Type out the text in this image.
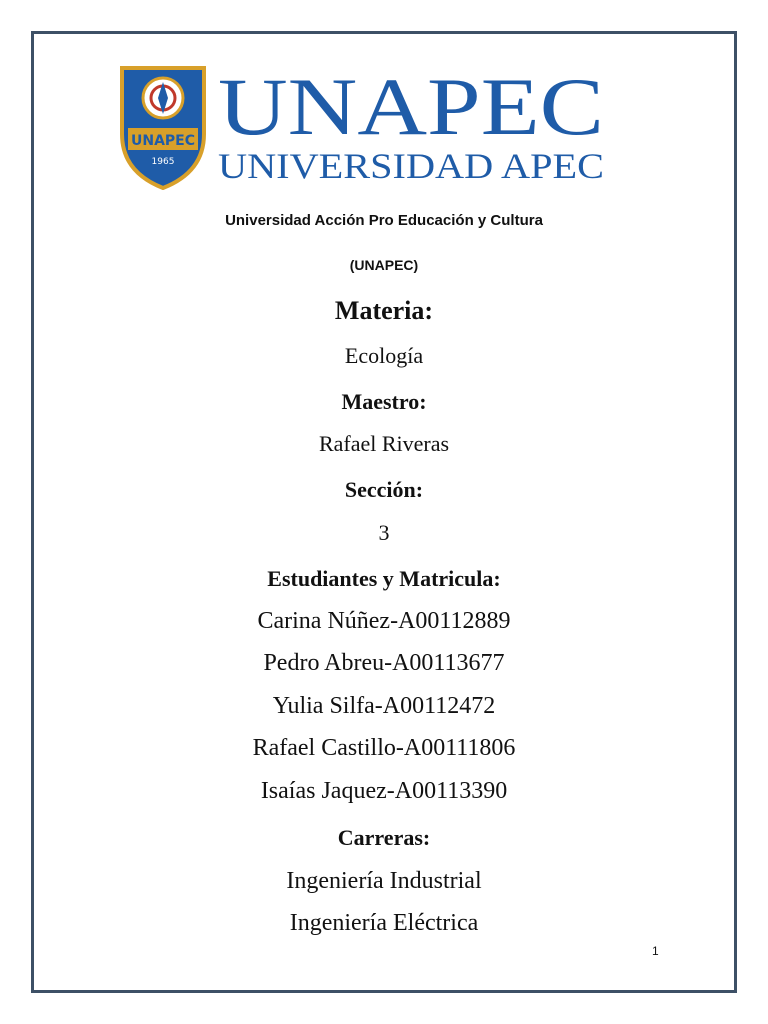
UNAPEC
1965
UNAPEC
UNIVERSIDAD APEC
Universidad Acción Pro Educación y Cultura
(UNAPEC)
Materia:
Ecología
Maestro:
Rafael Riveras
Sección:
3
Estudiantes y Matricula:
Carina Núñez-A00112889
Pedro Abreu-A00113677
Yulia Silfa-A00112472
Rafael Castillo-A00111806
Isaías Jaquez-A00113390
Carreras:
Ingeniería Industrial
Ingeniería Eléctrica
1
